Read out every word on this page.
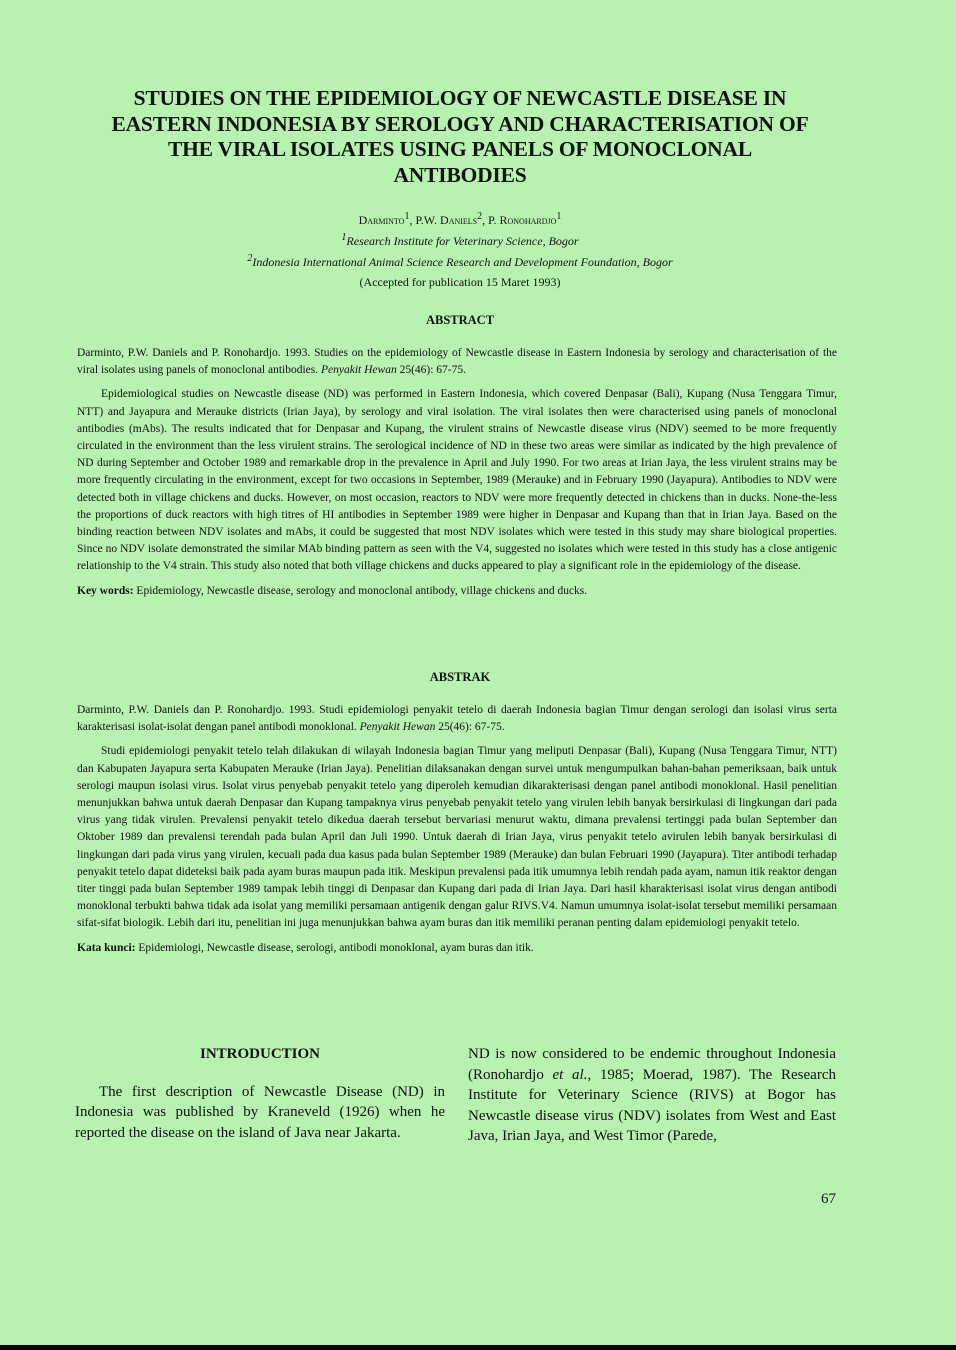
STUDIES ON THE EPIDEMIOLOGY OF NEWCASTLE DISEASE IN
EASTERN INDONESIA BY SEROLOGY AND CHARACTERISATION OF
THE VIRAL ISOLATES USING PANELS OF MONOCLONAL
ANTIBODIES
Darminto$^1$, P.W. Daniels$^2$, P. Ronohardjo$^1$
$^1$Research Institute for Veterinary Science, Bogor
$^2$Indonesia International Animal Science Research and Development Foundation, Bogor
(Accepted for publication 15 Maret 1993)
ABSTRACT

Darminto, P.W. Daniels and P. Ronohardjo. 1993. Studies on the epidemiology of Newcastle disease in Eastern Indonesia by serology and characterisation of the viral isolates using panels of monoclonal antibodies. Penyakit Hewan 25(46): 67-75.

Epidemiological studies on Newcastle disease (ND) was performed in Eastern Indonesia, which covered Denpasar (Bali), Kupang (Nusa Tenggara Timur, NTT) and Jayapura and Merauke districts (Irian Jaya), by serology and viral isolation. The viral isolates then were characterised using panels of monoclonal antibodies (mAbs). The results indicated that for Denpasar and Kupang, the virulent strains of Newcastle disease virus (NDV) seemed to be more frequently circulated in the environment than the less virulent strains. The serological incidence of ND in these two areas were similar as indicated by the high prevalence of ND during September and October 1989 and remarkable drop in the prevalence in April and July 1990. For two areas at Irian Jaya, the less virulent strains may be more frequently circulating in the environment, except for two occasions in September, 1989 (Merauke) and in February 1990 (Jayapura). Antibodies to NDV were detected both in village chickens and ducks. However, on most occasion, reactors to NDV were more frequently detected in chickens than in ducks. None-the-less the proportions of duck reactors with high titres of HI antibodies in September 1989 were higher in Denpasar and Kupang than that in Irian Jaya. Based on the binding reaction between NDV isolates and mAbs, it could be suggested that most NDV isolates which were tested in this study may share biological properties. Since no NDV isolate demonstrated the similar MAb binding pattern as seen with the V4, suggested no isolates which were tested in this study has a close antigenic relationship to the V4 strain. This study also noted that both village chickens and ducks appeared to play a significant role in the epidemiology of the disease.

Key words: Epidemiology, Newcastle disease, serology and monoclonal antibody, village chickens and ducks.

ABSTRAK

Darminto, P.W. Daniels dan P. Ronohardjo. 1993. Studi epidemiologi penyakit tetelo di daerah Indonesia bagian Timur dengan serologi dan isolasi virus serta karakterisasi isolat-isolat dengan panel antibodi monoklonal. Penyakit Hewan 25(46): 67-75.

Studi epidemiologi penyakit tetelo telah dilakukan di wilayah Indonesia bagian Timur yang meliputi Denpasar (Bali), Kupang (Nusa Tenggara Timur, NTT) dan Kabupaten Jayapura serta Kabupaten Merauke (Irian Jaya). Penelitian dilaksanakan dengan survei untuk mengumpulkan bahan-bahan pemeriksaan, baik untuk serologi maupun isolasi virus. Isolat virus penyebab penyakit tetelo yang diperoleh kemudian dikarakterisasi dengan panel antibodi monoklonal. Hasil penelitian menunjukkan bahwa untuk daerah Denpasar dan Kupang tampaknya virus penyebab penyakit tetelo yang virulen lebih banyak bersirkulasi di lingkungan dari pada virus yang tidak virulen. Prevalensi penyakit tetelo dikedua daerah tersebut bervariasi menurut waktu, dimana prevalensi tertinggi pada bulan September dan Oktober 1989 dan prevalensi terendah pada bulan April dan Juli 1990. Untuk daerah di Irian Jaya, virus penyakit tetelo avirulen lebih banyak bersirkulasi di lingkungan dari pada virus yang virulen, kecuali pada dua kasus pada bulan September 1989 (Merauke) dan bulan Februari 1990 (Jayapura). Titer antibodi terhadap penyakit tetelo dapat dideteksi baik pada ayam buras maupun pada itik. Meskipun prevalensi pada itik umumnya lebih rendah pada ayam, namun itik reaktor dengan titer tinggi pada bulan September 1989 tampak lebih tinggi di Denpasar dan Kupang dari pada di Irian Jaya. Dari hasil kharakterisasi isolat virus dengan antibodi monoklonal terbukti bahwa tidak ada isolat yang memiliki persamaan antigenik dengan galur RIVS.V4. Namun umumnya isolat-isolat tersebut memiliki persamaan sifat-sifat biologik. Lebih dari itu, penelitian ini juga menunjukkan bahwa ayam buras dan itik memiliki peranan penting dalam epidemiologi penyakit tetelo.

Kata kunci: Epidemiologi, Newcastle disease, serologi, antibodi monoklonal, ayam buras dan itik.

INTRODUCTION

The first description of Newcastle Disease (ND) in Indonesia was published by Kraneveld (1926) when he reported the disease on the island of Java near Jakarta.

ND is now considered to be endemic throughout Indonesia (Ronohardjo et al., 1985; Moerad, 1987). The Research Institute for Veterinary Science (RIVS) at Bogor has Newcastle disease virus (NDV) isolates from West and East Java, Irian Jaya, and West Timor (Parede,

67
